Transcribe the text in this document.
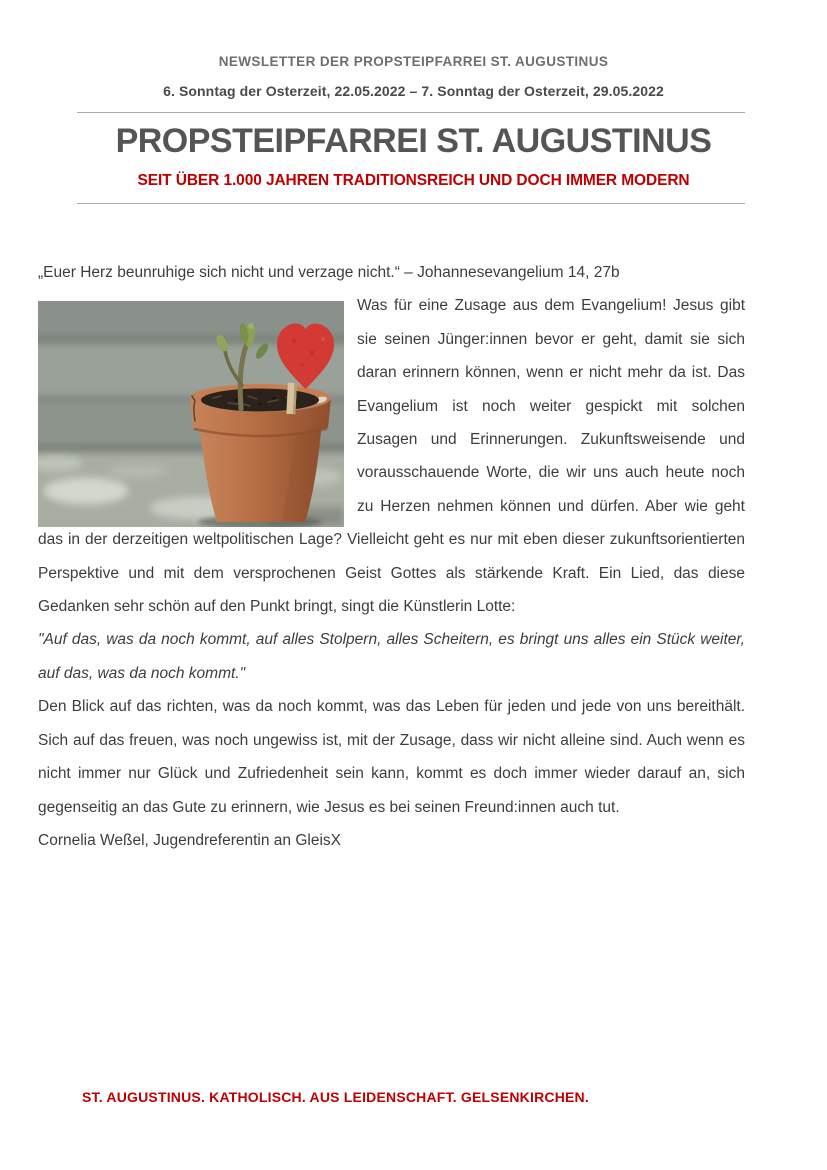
NEWSLETTER DER PROPSTEIPFARREI ST. AUGUSTINUS
6. Sonntag der Osterzeit, 22.05.2022 – 7. Sonntag der Osterzeit, 29.05.2022
PROPSTEIPFARREI ST. AUGUSTINUS
SEIT ÜBER 1.000 JAHREN TRADITIONSREICH UND DOCH IMMER MODERN

„Euer Herz beunruhige sich nicht und verzage nicht.“ – Johannesevangelium 14, 27b

Was für eine Zusage aus dem Evangelium! Jesus gibt sie seinen Jünger:innen bevor er geht, damit sie sich daran erinnern können, wenn er nicht mehr da ist. Das Evangelium ist noch weiter gespickt mit solchen Zusagen und Erinnerungen. Zukunftsweisende und vorausschauende Worte, die wir uns auch heute noch zu Herzen nehmen können und dürfen. Aber wie geht das in der derzeitigen weltpolitischen Lage? Vielleicht geht es nur mit eben dieser zukunftsorientierten Perspektive und mit dem versprochenen Geist Gottes als stärkende Kraft. Ein Lied, das diese Gedanken sehr schön auf den Punkt bringt, singt die Künstlerin Lotte:

"Auf das, was da noch kommt, auf alles Stolpern, alles Scheitern, es bringt uns alles ein Stück weiter, auf das, was da noch kommt."

Den Blick auf das richten, was da noch kommt, was das Leben für jeden und jede von uns bereithält. Sich auf das freuen, was noch ungewiss ist, mit der Zusage, dass wir nicht alleine sind. Auch wenn es nicht immer nur Glück und Zufriedenheit sein kann, kommt es doch immer wieder darauf an, sich gegenseitig an das Gute zu erinnern, wie Jesus es bei seinen Freund:innen auch tut.

Cornelia Weßel, Jugendreferentin an GleisX

ST. AUGUSTINUS. KATHOLISCH. AUS LEIDENSCHAFT. GELSENKIRCHEN.
